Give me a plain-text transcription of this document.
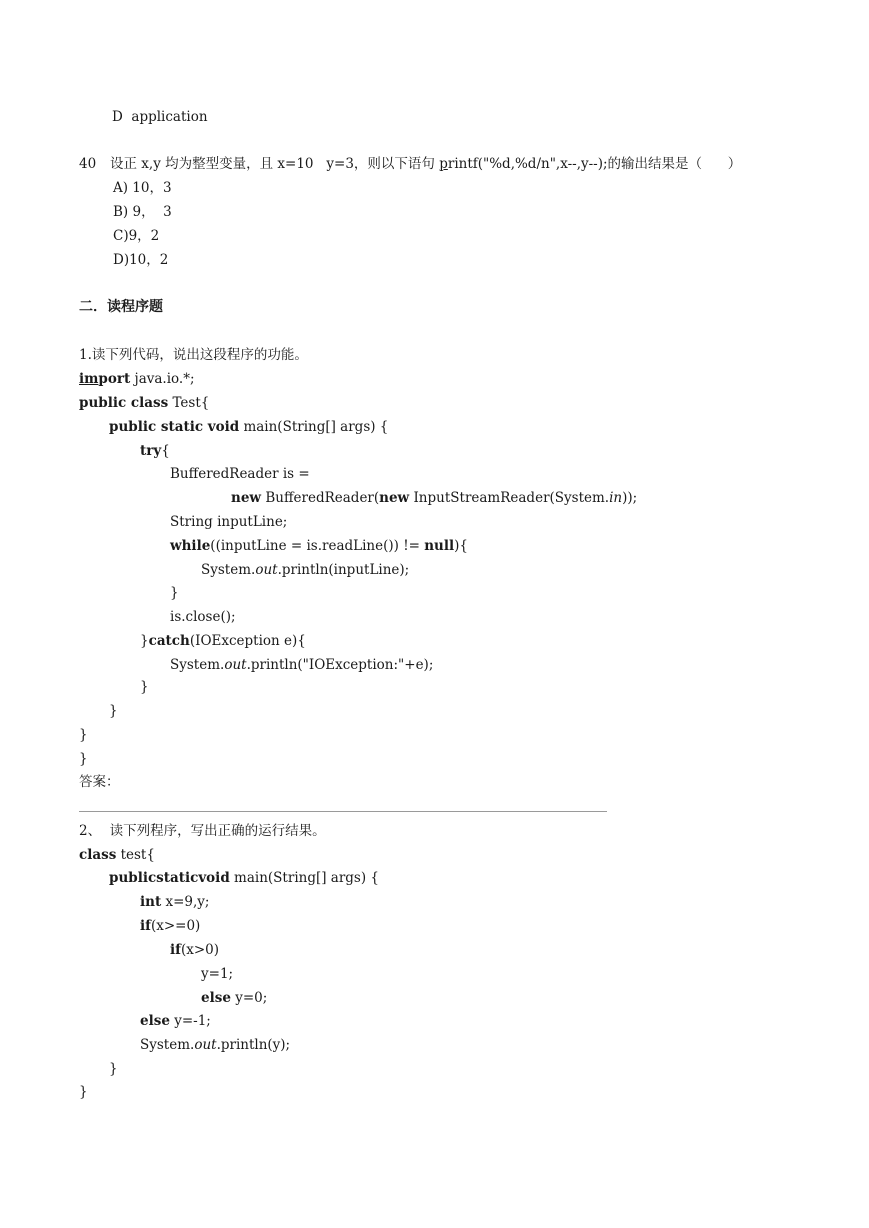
D  application
40 设正 x,y 均为整型变量，且 x=10   y=3，则以下语句 printf("%d,%d/n",x--,y--);的输出结果是（      ）
A) 10，3
B) 9，  3
C)9，2
D)10，2
二．读程序题
1.读下列代码，说出这段程序的功能。
import java.io.*;
public class Test{
public static void main(String[] args) {
try{
BufferedReader is =
new BufferedReader(new InputStreamReader(System.in));
String inputLine;
while((inputLine = is.readLine()) != null){
System.out.println(inputLine);
}
is.close();
}catch(IOException e){
System.out.println("IOException:"+e);
}
}
}
}
答案：
2、  读下列程序，写出正确的运行结果。
class test{
publicstaticvoid main(String[] args) {
int x=9,y;
if(x>=0)
if(x>0)
y=1;
else y=0;
else y=-1;
System.out.println(y);
}
}
